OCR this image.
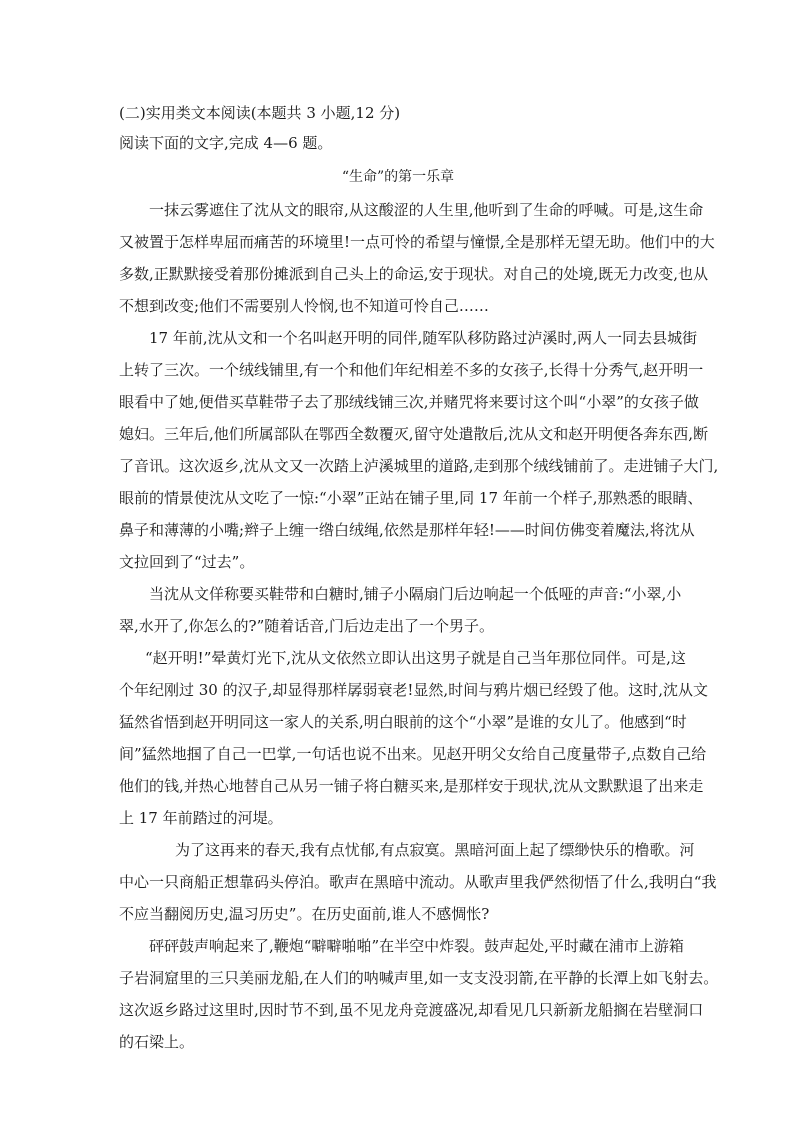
(二)实用类文本阅读(本题共 3 小题,12 分)

阅读下面的文字,完成 4—6 题。

“生命”的第一乐章

一抹云雾遮住了沈从文的眼帘,从这酸涩的人生里,他听到了生命的呼喊。可是,这生命

又被置于怎样卑屈而痛苦的环境里!一点可怜的希望与憧憬,全是那样无望无助。他们中的大

多数,正默默接受着那份摊派到自己头上的命运,安于现状。对自己的处境,既无力改变,也从

不想到改变;他们不需要别人怜悯,也不知道可怜自己……

17 年前,沈从文和一个名叫赵开明的同伴,随军队移防路过泸溪时,两人一同去县城街

上转了三次。一个绒线铺里,有一个和他们年纪相差不多的女孩子,长得十分秀气,赵开明一

眼看中了她,便借买草鞋带子去了那绒线铺三次,并赌咒将来要讨这个叫“小翠”的女孩子做

媳妇。三年后,他们所属部队在鄂西全数覆灭,留守处遣散后,沈从文和赵开明便各奔东西,断

了音讯。这次返乡,沈从文又一次踏上泸溪城里的道路,走到那个绒线铺前了。走进铺子大门,

眼前的情景使沈从文吃了一惊:“小翠”正站在铺子里,同 17 年前一个样子,那熟悉的眼睛、

鼻子和薄薄的小嘴;辫子上缠一绺白绒绳,依然是那样年轻!——时间仿佛变着魔法,将沈从

文拉回到了“过去”。

当沈从文佯称要买鞋带和白糖时,铺子小隔扇门后边响起一个低哑的声音:“小翠,小

翠,水开了,你怎么的?”随着话音,门后边走出了一个男子。

“赵开明!”晕黄灯光下,沈从文依然立即认出这男子就是自己当年那位同伴。可是,这

个年纪刚过 30 的汉子,却显得那样孱弱衰老!显然,时间与鸦片烟已经毁了他。这时,沈从文

猛然省悟到赵开明同这一家人的关系,明白眼前的这个“小翠”是谁的女儿了。他感到“时

间”猛然地掴了自己一巴掌,一句话也说不出来。见赵开明父女给自己度量带子,点数自己给

他们的钱,并热心地替自己从另一铺子将白糖买来,是那样安于现状,沈从文默默退了出来走

上 17 年前踏过的河堤。

为了这再来的春天,我有点忧郁,有点寂寞。黑暗河面上起了缥缈快乐的橹歌。河

中心一只商船正想靠码头停泊。歌声在黑暗中流动。从歌声里我俨然彻悟了什么,我明白“我

不应当翻阅历史,温习历史”。在历史面前,谁人不感惆怅?

砰砰鼓声响起来了,鞭炮“噼噼啪啪”在半空中炸裂。鼓声起处,平时藏在浦市上游箱

子岩洞窟里的三只美丽龙船,在人们的呐喊声里,如一支支没羽箭,在平静的长潭上如飞射去。

这次返乡路过这里时,因时节不到,虽不见龙舟竞渡盛况,却看见几只新新龙船搁在岩壁洞口

的石梁上。
